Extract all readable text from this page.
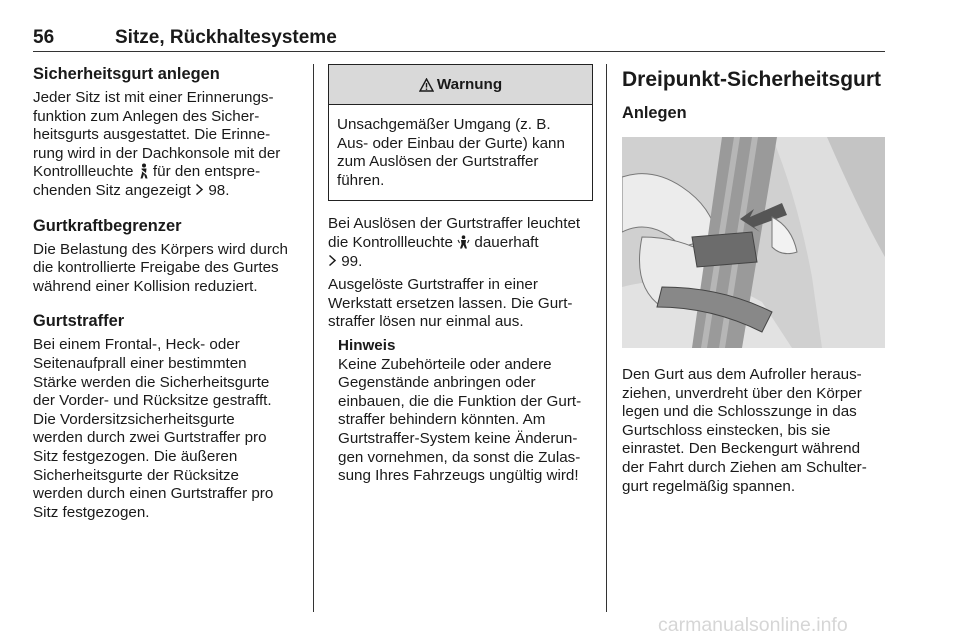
56	Sitze, Rückhaltesysteme
Sicherheitsgurt anlegen

Jeder Sitz ist mit einer Erinnerungs-
funktion zum Anlegen des Sicher-
heitsgurts ausgestattet. Die Erinne-
rung wird in der Dachkonsole mit der
Kontrollleuchte  für den entspre-
chenden Sitz angezeigt  98.

Gurtkraftbegrenzer

Die Belastung des Körpers wird durch
die kontrollierte Freigabe des Gurtes
während einer Kollision reduziert.

Gurtstraffer

Bei einem Frontal-, Heck- oder
Seitenaufprall einer bestimmten
Stärke werden die Sicherheitsgurte
der Vorder- und Rücksitze gestrafft.
Die Vordersitzsicherheitsgurte
werden durch zwei Gurtstraffer pro
Sitz festgezogen. Die äußeren
Sicherheitsgurte der Rücksitze
werden durch einen Gurtstraffer pro
Sitz festgezogen.

Warnung

Unsachgemäßer Umgang (z. B.
Aus- oder Einbau der Gurte) kann
zum Auslösen der Gurtstraffer
führen.

Bei Auslösen der Gurtstraffer leuchtet
die Kontrollleuchte  dauerhaft
99.

Ausgelöste Gurtstraffer in einer
Werkstatt ersetzen lassen. Die Gurt-
straffer lösen nur einmal aus.

Hinweis

Keine Zubehörteile oder andere
Gegenstände anbringen oder
einbauen, die die Funktion der Gurt-
straffer behindern könnten. Am
Gurtstraffer-System keine Änderun-
gen vornehmen, da sonst die Zulas-
sung Ihres Fahrzeugs ungültig wird!

Dreipunkt-Sicherheitsgurt
Anlegen

Den Gurt aus dem Aufroller heraus-
ziehen, unverdreht über den Körper
legen und die Schlosszunge in das
Gurtschloss einstecken, bis sie
einrastet. Den Beckengurt während
der Fahrt durch Ziehen am Schulter-
gurt regelmäßig spannen.

carmanualsonline.info
